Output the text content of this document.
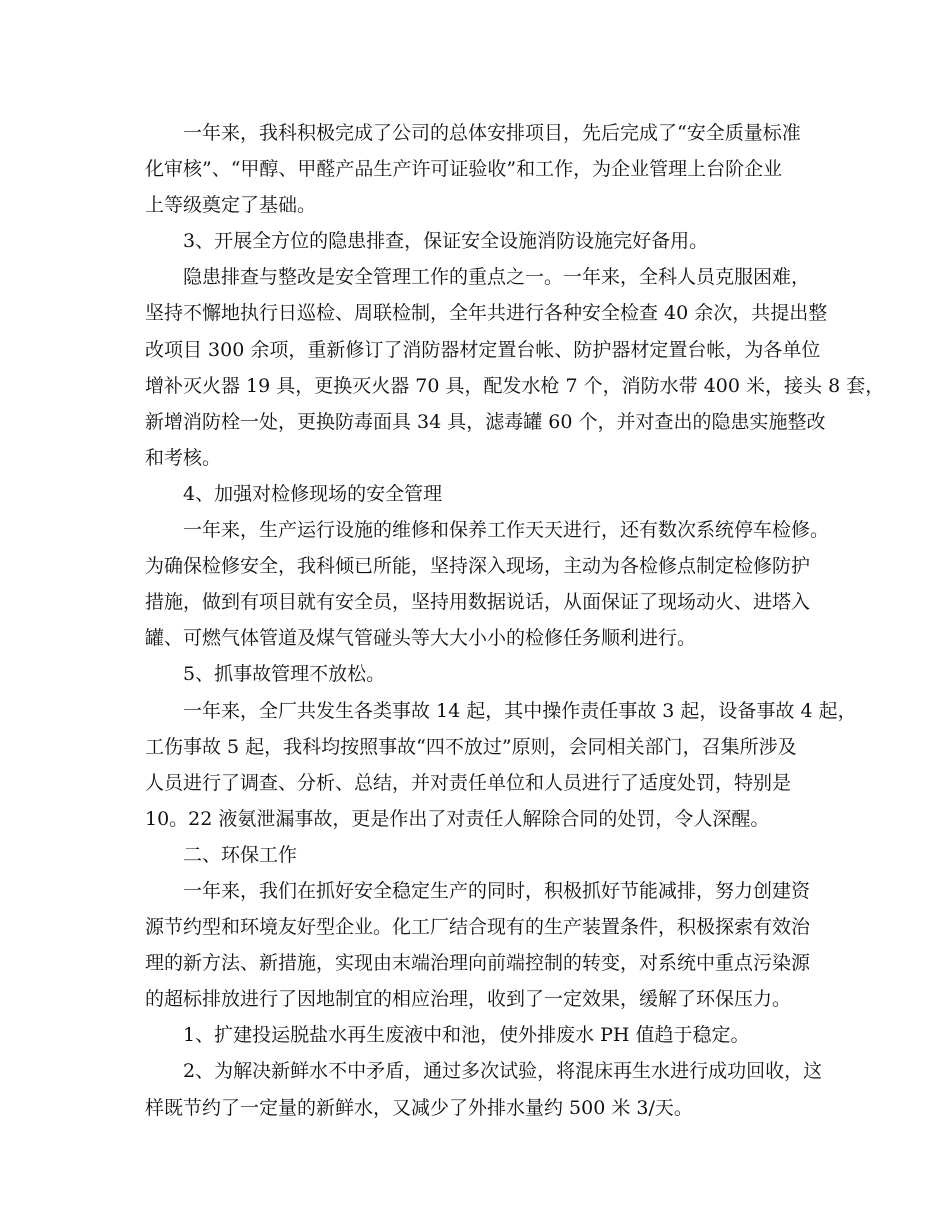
一年来，我科积极完成了公司的总体安排项目，先后完成了“安全质量标准
化审核”、“甲醇、甲醛产品生产许可证验收”和工作，为企业管理上台阶企业
上等级奠定了基础。
3、开展全方位的隐患排查，保证安全设施消防设施完好备用。
隐患排查与整改是安全管理工作的重点之一。一年来，全科人员克服困难，
坚持不懈地执行日巡检、周联检制，全年共进行各种安全检查 40 余次，共提出整
改项目 300 余项，重新修订了消防器材定置台帐、防护器材定置台帐，为各单位
增补灭火器 19 具，更换灭火器 70 具，配发水枪 7 个，消防水带 400 米，接头 8 套，
新增消防栓一处，更换防毒面具 34 具，滤毒罐 60 个，并对查出的隐患实施整改
和考核。
4、加强对检修现场的安全管理
一年来，生产运行设施的维修和保养工作天天进行，还有数次系统停车检修。
为确保检修安全，我科倾已所能，坚持深入现场，主动为各检修点制定检修防护
措施，做到有项目就有安全员，坚持用数据说话，从面保证了现场动火、进塔入
罐、可燃气体管道及煤气管碰头等大大小小的检修任务顺利进行。
5、抓事故管理不放松。
一年来，全厂共发生各类事故 14 起，其中操作责任事故 3 起，设备事故 4 起，
工伤事故 5 起，我科均按照事故“四不放过”原则，会同相关部门，召集所涉及
人员进行了调查、分析、总结，并对责任单位和人员进行了适度处罚，特别是
10。22 液氨泄漏事故，更是作出了对责任人解除合同的处罚，令人深醒。
二、环保工作
一年来，我们在抓好安全稳定生产的同时，积极抓好节能减排，努力创建资
源节约型和环境友好型企业。化工厂结合现有的生产装置条件，积极探索有效治
理的新方法、新措施，实现由末端治理向前端控制的转变，对系统中重点污染源
的超标排放进行了因地制宜的相应治理，收到了一定效果，缓解了环保压力。
1、扩建投运脱盐水再生废液中和池，使外排废水 PH 值趋于稳定。
2、为解决新鲜水不中矛盾，通过多次试验，将混床再生水进行成功回收，这
样既节约了一定量的新鲜水，又减少了外排水量约 500 米 3/天。
